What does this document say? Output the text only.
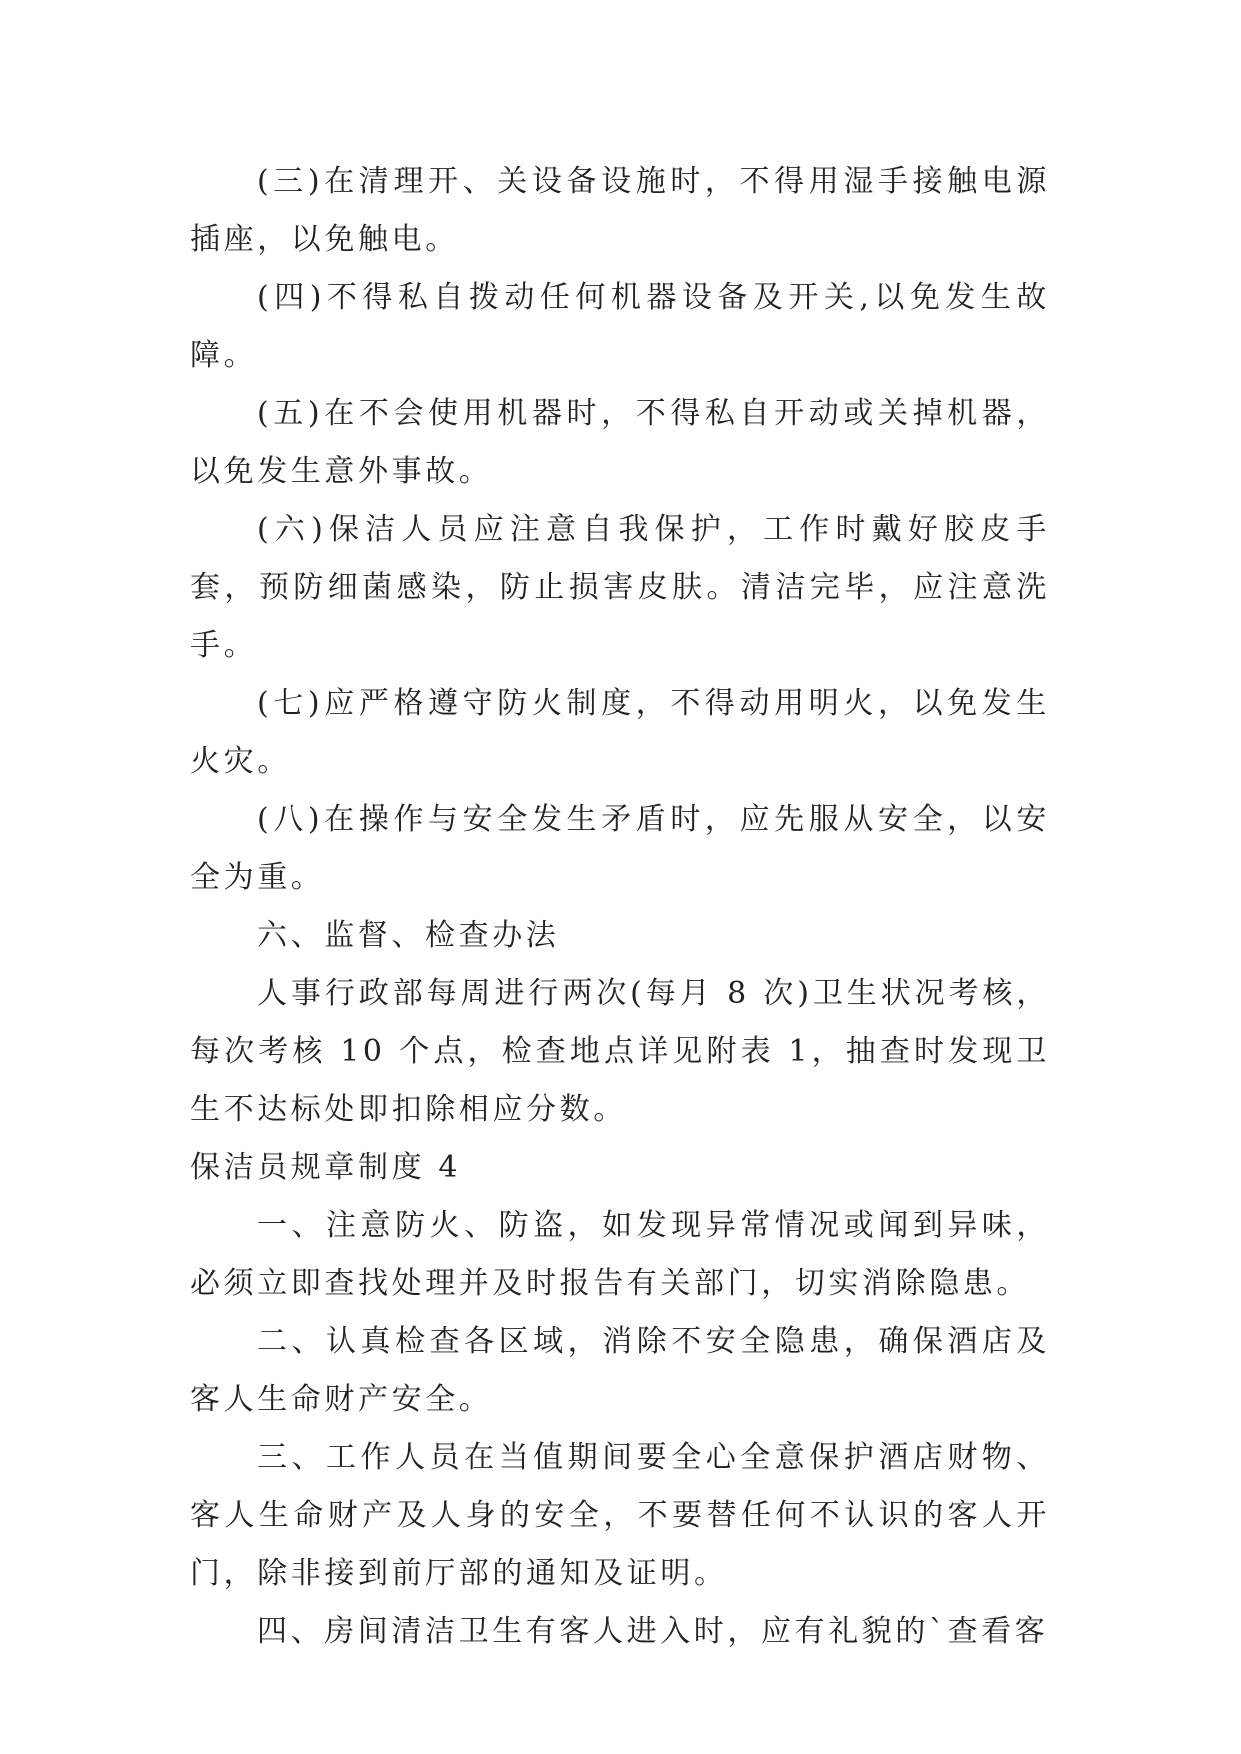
(三)在清理开、关设备设施时，不得用湿手接触电源插座，以免触电。

(四)不得私自拨动任何机器设备及开关,以免发生故障。

(五)在不会使用机器时，不得私自开动或关掉机器，以免发生意外事故。

(六)保洁人员应注意自我保护，工作时戴好胶皮手套，预防细菌感染，防止损害皮肤。清洁完毕，应注意洗手。

(七)应严格遵守防火制度，不得动用明火，以免发生火灾。

(八)在操作与安全发生矛盾时，应先服从安全，以安全为重。

六、监督、检查办法

人事行政部每周进行两次(每月 8 次)卫生状况考核，每次考核 10 个点，检查地点详见附表 1，抽查时发现卫生不达标处即扣除相应分数。

保洁员规章制度 4

一、注意防火、防盗，如发现异常情况或闻到异味，必须立即查找处理并及时报告有关部门，切实消除隐患。

二、认真检查各区域，消除不安全隐患，确保酒店及客人生命财产安全。

三、工作人员在当值期间要全心全意保护酒店财物、客人生命财产及人身的安全，不要替任何不认识的客人开门，除非接到前厅部的通知及证明。

四、房间清洁卫生有客人进入时，应有礼貌的`查看客
